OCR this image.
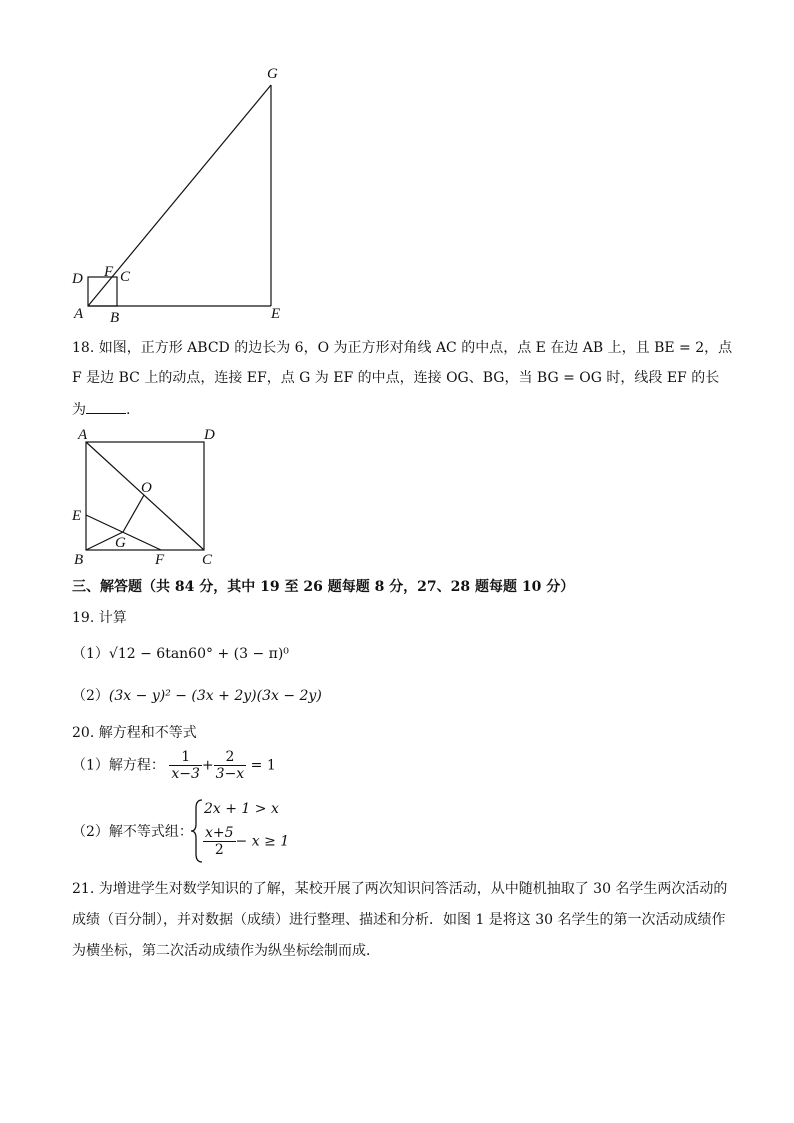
G
D F C
A B	E
18. 如图，正方形 ABCD 的边长为 6，O 为正方形对角线 AC 的中点，点 E 在边 AB 上，且 BE = 2，点
F 是边 BC 上的动点，连接 EF，点 G 为 EF 的中点，连接 OG、BG，当 BG = OG 时，线段 EF 的长
为	.
A	D
O
E
G
B	F	C
三、解答题（共 84 分，其中 19 至 26 题每题 8 分，27、28 题每题 10 分）
19. 计算
（1）√12 − 6tan60° + (3 − π)⁰
（2）(3x − y)² − (3x + 2y)(3x − 2y)
20. 解方程和不等式
（1）解方程： $\frac{1}{x-3} + \frac{2}{3-x} = 1$
（2）解不等式组：
2x + 1 > x
$\frac{x+5}{2} - x \ge 1$
21. 为增进学生对数学知识的了解，某校开展了两次知识问答活动，从中随机抽取了 30 名学生两次活动的
成绩（百分制），并对数据（成绩）进行整理、描述和分析．如图 1 是将这 30 名学生的第一次活动成绩作
为横坐标，第二次活动成绩作为纵坐标绘制而成．
